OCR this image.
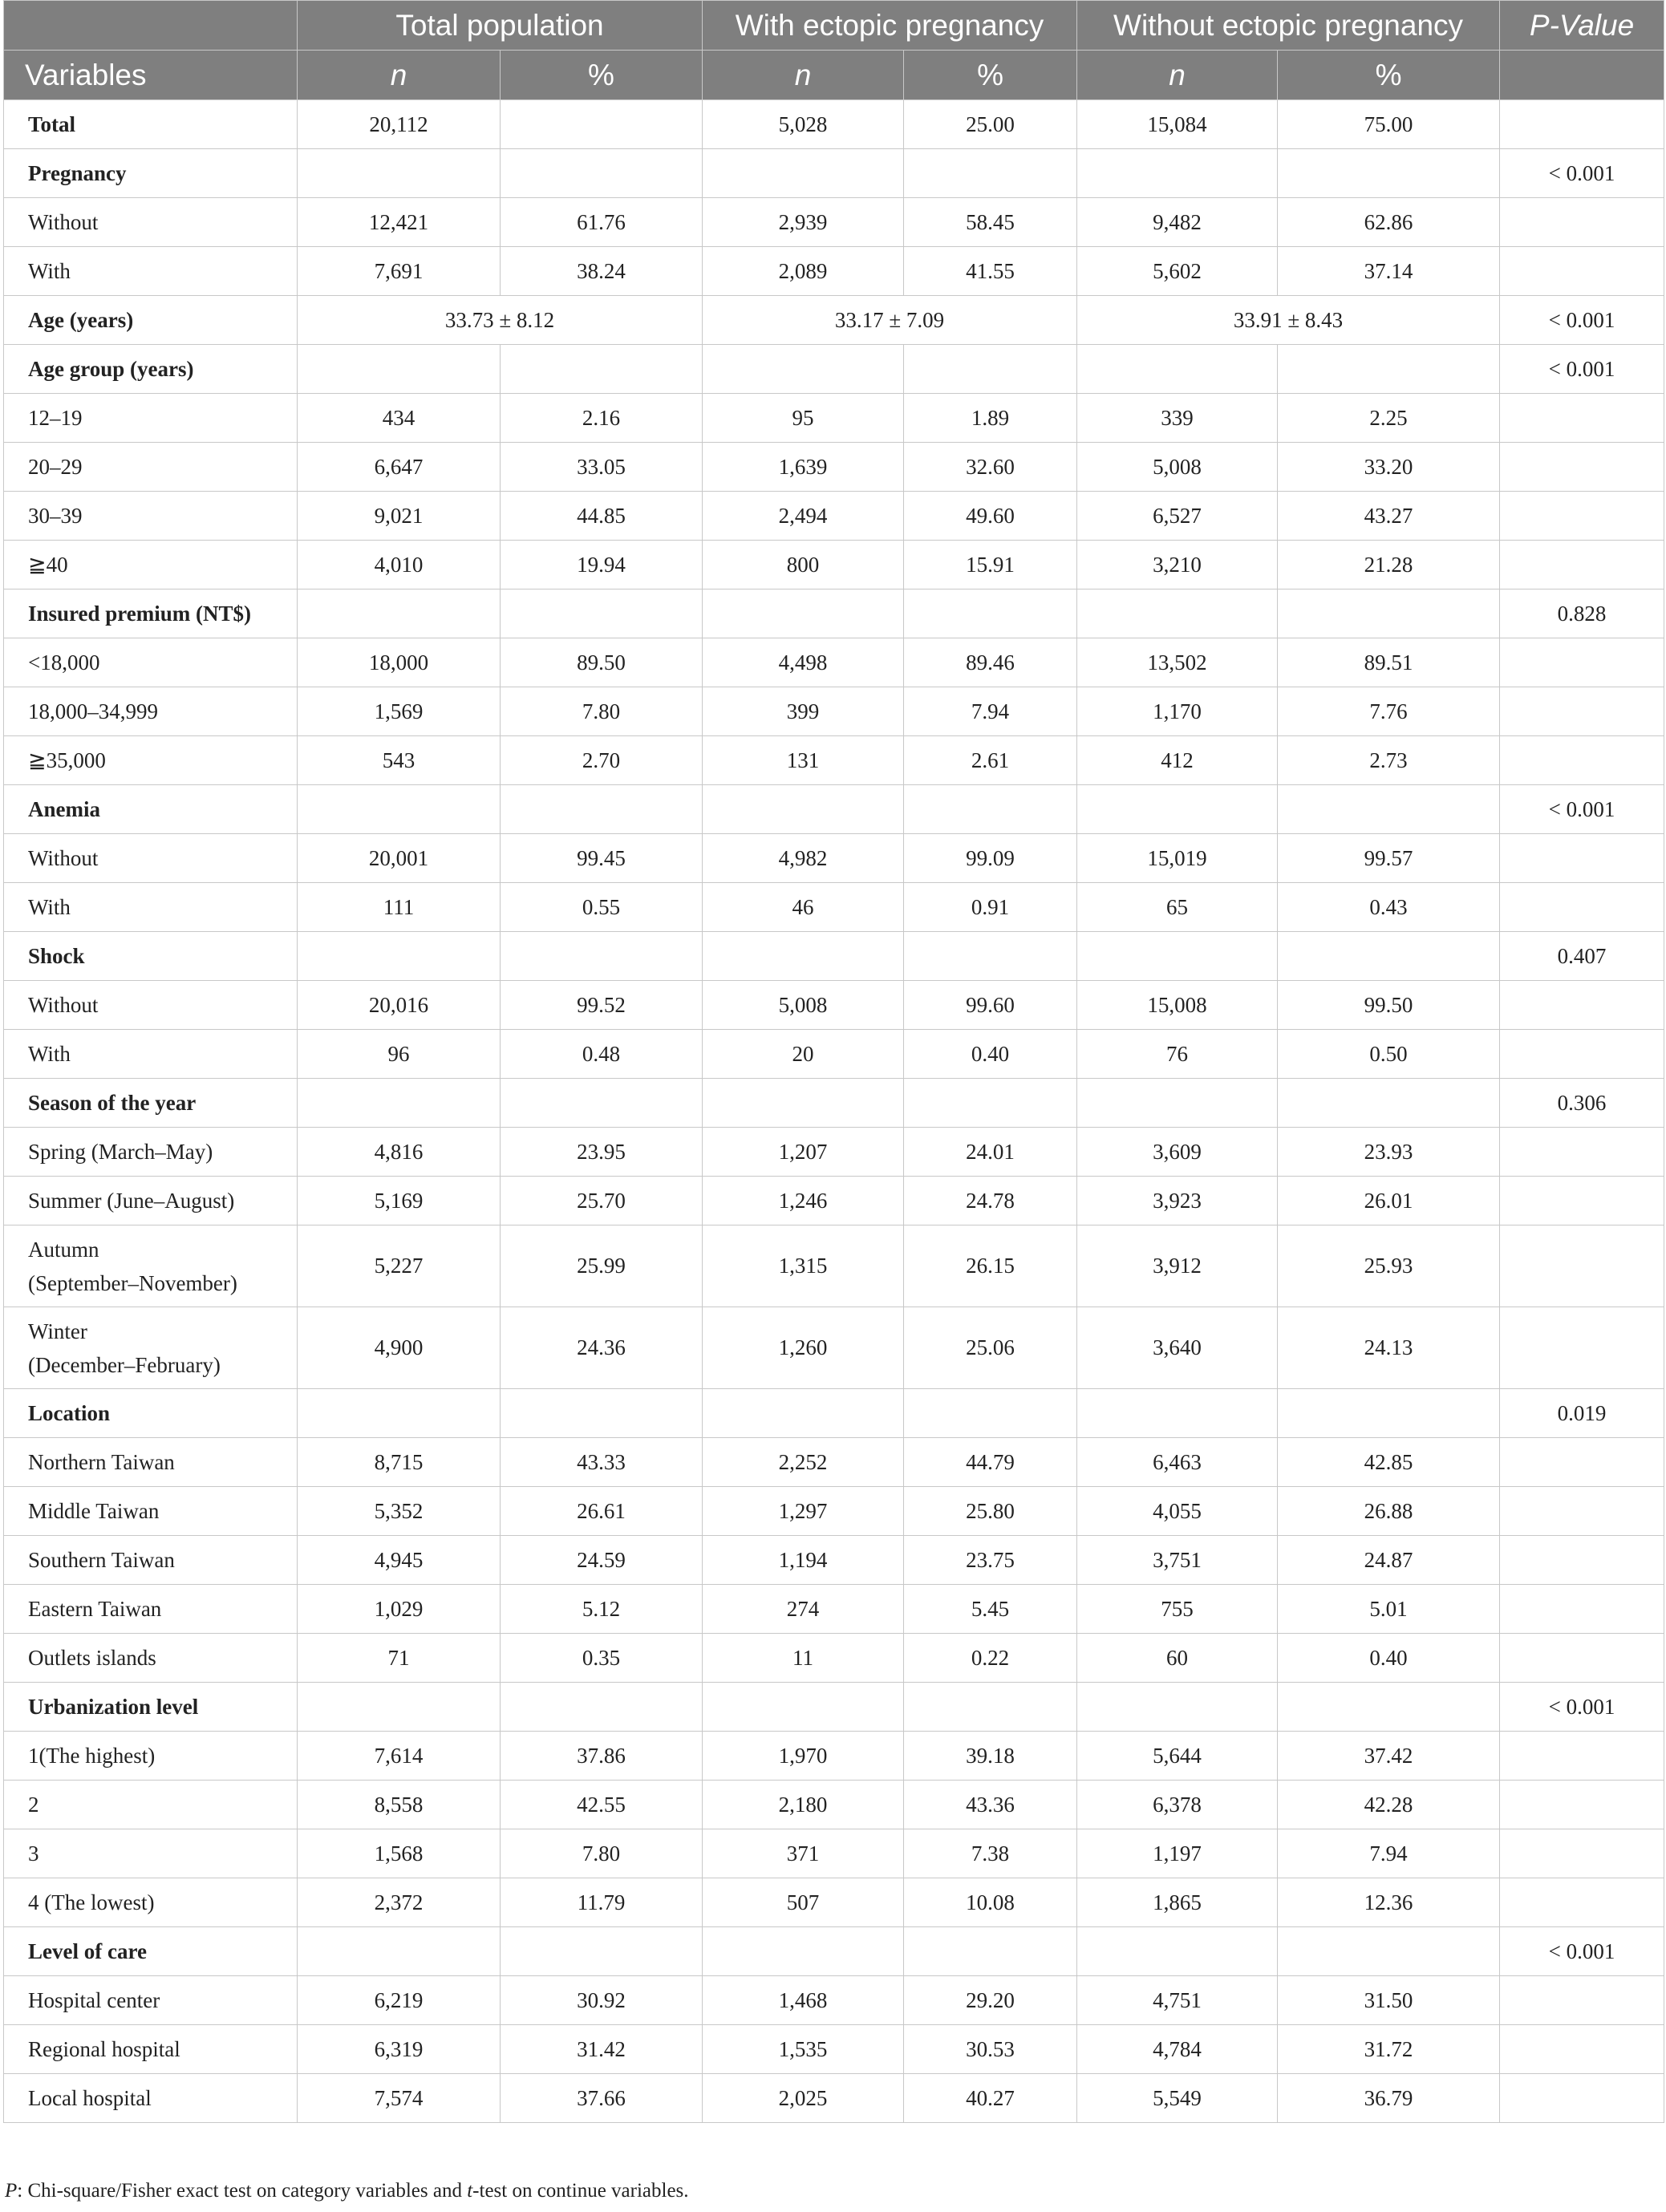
	Total population		With ectopic pregnancy		Without ectopic pregnancy		P-Value
Variables	n	%	n	%	n	%	
Total	20,112		5,028	25.00	15,084	75.00	
Pregnancy							< 0.001
Without	12,421	61.76	2,939	58.45	9,482	62.86	
With	7,691	38.24	2,089	41.55	5,602	37.14	
Age (years)	33.73 ± 8.12		33.17 ± 7.09		33.91 ± 8.43		< 0.001
Age group (years)							< 0.001
12–19	434	2.16	95	1.89	339	2.25	
20–29	6,647	33.05	1,639	32.60	5,008	33.20	
30–39	9,021	44.85	2,494	49.60	6,527	43.27	
≧40	4,010	19.94	800	15.91	3,210	21.28	
Insured premium (NT$)							0.828
<18,000	18,000	89.50	4,498	89.46	13,502	89.51	
18,000–34,999	1,569	7.80	399	7.94	1,170	7.76	
≧35,000	543	2.70	131	2.61	412	2.73	
Anemia							< 0.001
Without	20,001	99.45	4,982	99.09	15,019	99.57	
With	111	0.55	46	0.91	65	0.43	
Shock							0.407
Without	20,016	99.52	5,008	99.60	15,008	99.50	
With	96	0.48	20	0.40	76	0.50	
Season of the year							0.306
Spring (March–May)	4,816	23.95	1,207	24.01	3,609	23.93	
Summer (June–August)	5,169	25.70	1,246	24.78	3,923	26.01	

Autumn
(September–November)	5,227	25.99	1,315	26.15	3,912	25.93	

Winter
(December–February)	4,900	24.36	1,260	25.06	3,640	24.13	
Location							0.019
Northern Taiwan	8,715	43.33	2,252	44.79	6,463	42.85	
Middle Taiwan	5,352	26.61	1,297	25.80	4,055	26.88	
Southern Taiwan	4,945	24.59	1,194	23.75	3,751	24.87	
Eastern Taiwan	1,029	5.12	274	5.45	755	5.01	
Outlets islands	71	0.35	11	0.22	60	0.40	
Urbanization level							< 0.001
1(The highest)	7,614	37.86	1,970	39.18	5,644	37.42	
2	8,558	42.55	2,180	43.36	6,378	42.28	
3	1,568	7.80	371	7.38	1,197	7.94	
4 (The lowest)	2,372	11.79	507	10.08	1,865	12.36	
Level of care							< 0.001
Hospital center	6,219	30.92	1,468	29.20	4,751	31.50	
Regional hospital	6,319	31.42	1,535	30.53	4,784	31.72	
Local hospital	7,574	37.66	2,025	40.27	5,549	36.79	
P: Chi-square/Fisher exact test on category variables and t-test on continue variables.
